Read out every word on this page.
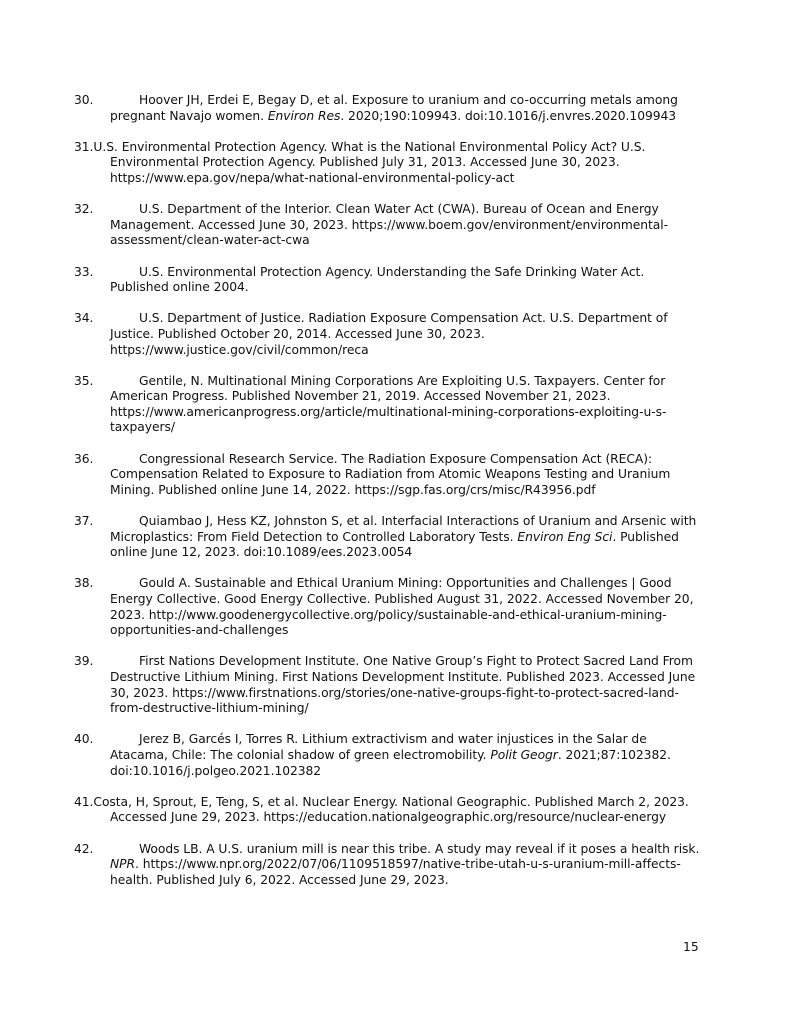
30.	Hoover JH, Erdei E, Begay D, et al. Exposure to uranium and co-occurring metals among pregnant Navajo women. Environ Res. 2020;190:109943. doi:10.1016/j.envres.2020.109943

31.U.S. Environmental Protection Agency. What is the National Environmental Policy Act? U.S. Environmental Protection Agency. Published July 31, 2013. Accessed June 30, 2023. https://www.epa.gov/nepa/what-national-environmental-policy-act

32.	U.S. Department of the Interior. Clean Water Act (CWA). Bureau of Ocean and Energy Management. Accessed June 30, 2023. https://www.boem.gov/environment/environmental-assessment/clean-water-act-cwa

33.	U.S. Environmental Protection Agency. Understanding the Safe Drinking Water Act. Published online 2004.

34.	U.S. Department of Justice. Radiation Exposure Compensation Act. U.S. Department of Justice. Published October 20, 2014. Accessed June 30, 2023. https://www.justice.gov/civil/common/reca

35.	Gentile, N. Multinational Mining Corporations Are Exploiting U.S. Taxpayers. Center for American Progress. Published November 21, 2019. Accessed November 21, 2023. https://www.americanprogress.org/article/multinational-mining-corporations-exploiting-u-s-taxpayers/

36.	Congressional Research Service. The Radiation Exposure Compensation Act (RECA): Compensation Related to Exposure to Radiation from Atomic Weapons Testing and Uranium Mining. Published online June 14, 2022. https://sgp.fas.org/crs/misc/R43956.pdf

37.	Quiambao J, Hess KZ, Johnston S, et al. Interfacial Interactions of Uranium and Arsenic with Microplastics: From Field Detection to Controlled Laboratory Tests. Environ Eng Sci. Published online June 12, 2023. doi:10.1089/ees.2023.0054

38.	Gould A. Sustainable and Ethical Uranium Mining: Opportunities and Challenges | Good Energy Collective. Good Energy Collective. Published August 31, 2022. Accessed November 20, 2023. http://www.goodenergycollective.org/policy/sustainable-and-ethical-uranium-mining-opportunities-and-challenges

39.	First Nations Development Institute. One Native Group’s Fight to Protect Sacred Land From Destructive Lithium Mining. First Nations Development Institute. Published 2023. Accessed June 30, 2023. https://www.firstnations.org/stories/one-native-groups-fight-to-protect-sacred-land-from-destructive-lithium-mining/

40.	Jerez B, Garcés I, Torres R. Lithium extractivism and water injustices in the Salar de Atacama, Chile: The colonial shadow of green electromobility. Polit Geogr. 2021;87:102382. doi:10.1016/j.polgeo.2021.102382

41.Costa, H, Sprout, E, Teng, S, et al. Nuclear Energy. National Geographic. Published March 2, 2023. Accessed June 29, 2023. https://education.nationalgeographic.org/resource/nuclear-energy

42.	Woods LB. A U.S. uranium mill is near this tribe. A study may reveal if it poses a health risk. NPR. https://www.npr.org/2022/07/06/1109518597/native-tribe-utah-u-s-uranium-mill-affects-health. Published July 6, 2022. Accessed June 29, 2023.

15
